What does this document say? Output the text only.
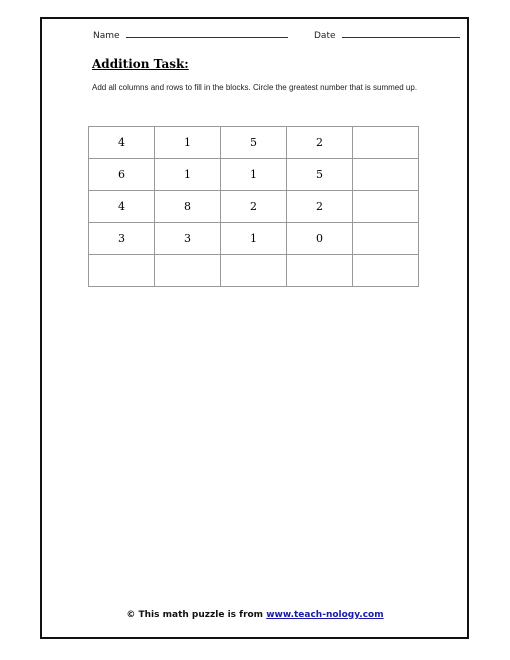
Name	Date
Addition Task:

Add all columns and rows to fill in the blocks. Circle the greatest number that is summed up.

4	1	5	2	
6	1	1	5	
4	8	2	2	
3	3	1	0	

© This math puzzle is from www.teach-nology.com
